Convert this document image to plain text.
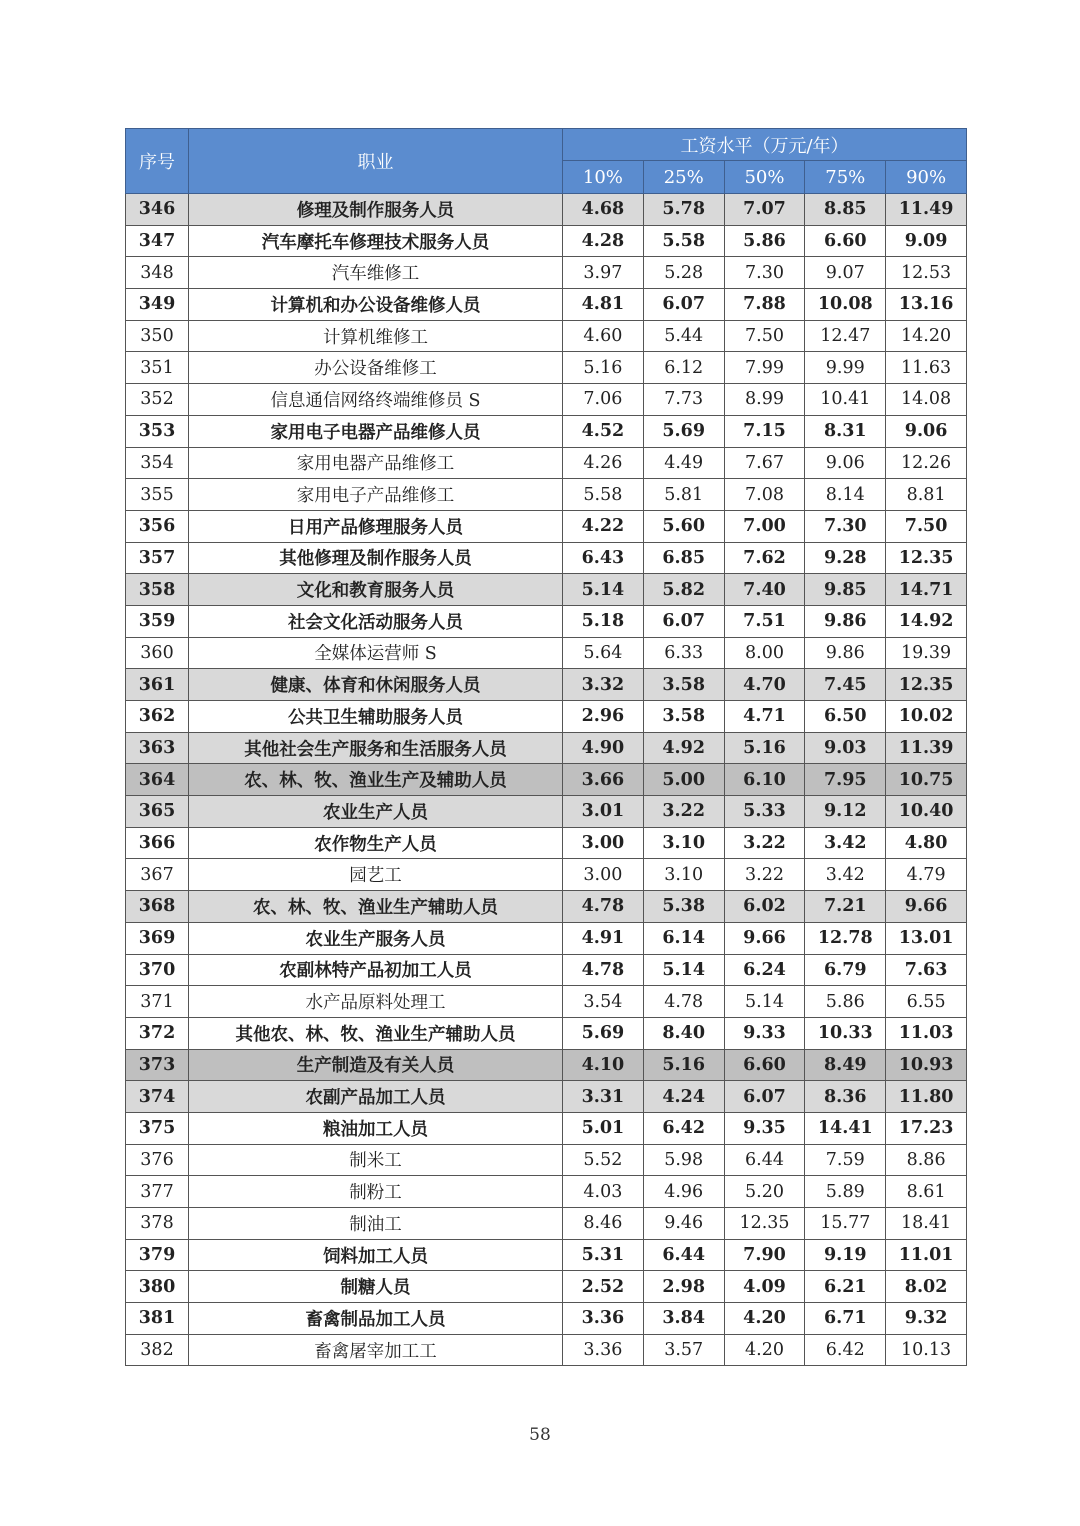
序号	职业	工资水平（万元/年）				
		10%	25%	50%	75%	90%
346	修理及制作服务人员	4.68	5.78	7.07	8.85	11.49
347	汽车摩托车修理技术服务人员	4.28	5.58	5.86	6.60	9.09
348	汽车维修工	3.97	5.28	7.30	9.07	12.53
349	计算机和办公设备维修人员	4.81	6.07	7.88	10.08	13.16
350	计算机维修工	4.60	5.44	7.50	12.47	14.20
351	办公设备维修工	5.16	6.12	7.99	9.99	11.63
352	信息通信网络终端维修员 S	7.06	7.73	8.99	10.41	14.08
353	家用电子电器产品维修人员	4.52	5.69	7.15	8.31	9.06
354	家用电器产品维修工	4.26	4.49	7.67	9.06	12.26
355	家用电子产品维修工	5.58	5.81	7.08	8.14	8.81
356	日用产品修理服务人员	4.22	5.60	7.00	7.30	7.50
357	其他修理及制作服务人员	6.43	6.85	7.62	9.28	12.35
358	文化和教育服务人员	5.14	5.82	7.40	9.85	14.71
359	社会文化活动服务人员	5.18	6.07	7.51	9.86	14.92
360	全媒体运营师 S	5.64	6.33	8.00	9.86	19.39
361	健康、体育和休闲服务人员	3.32	3.58	4.70	7.45	12.35
362	公共卫生辅助服务人员	2.96	3.58	4.71	6.50	10.02
363	其他社会生产服务和生活服务人员	4.90	4.92	5.16	9.03	11.39
364	农、林、牧、渔业生产及辅助人员	3.66	5.00	6.10	7.95	10.75
365	农业生产人员	3.01	3.22	5.33	9.12	10.40
366	农作物生产人员	3.00	3.10	3.22	3.42	4.80
367	园艺工	3.00	3.10	3.22	3.42	4.79
368	农、林、牧、渔业生产辅助人员	4.78	5.38	6.02	7.21	9.66
369	农业生产服务人员	4.91	6.14	9.66	12.78	13.01
370	农副林特产品初加工人员	4.78	5.14	6.24	6.79	7.63
371	水产品原料处理工	3.54	4.78	5.14	5.86	6.55
372	其他农、林、牧、渔业生产辅助人员	5.69	8.40	9.33	10.33	11.03
373	生产制造及有关人员	4.10	5.16	6.60	8.49	10.93
374	农副产品加工人员	3.31	4.24	6.07	8.36	11.80
375	粮油加工人员	5.01	6.42	9.35	14.41	17.23
376	制米工	5.52	5.98	6.44	7.59	8.86
377	制粉工	4.03	4.96	5.20	5.89	8.61
378	制油工	8.46	9.46	12.35	15.77	18.41
379	饲料加工人员	5.31	6.44	7.90	9.19	11.01
380	制糖人员	2.52	2.98	4.09	6.21	8.02
381	畜禽制品加工人员	3.36	3.84	4.20	6.71	9.32
382	畜禽屠宰加工工	3.36	3.57	4.20	6.42	10.13
58
